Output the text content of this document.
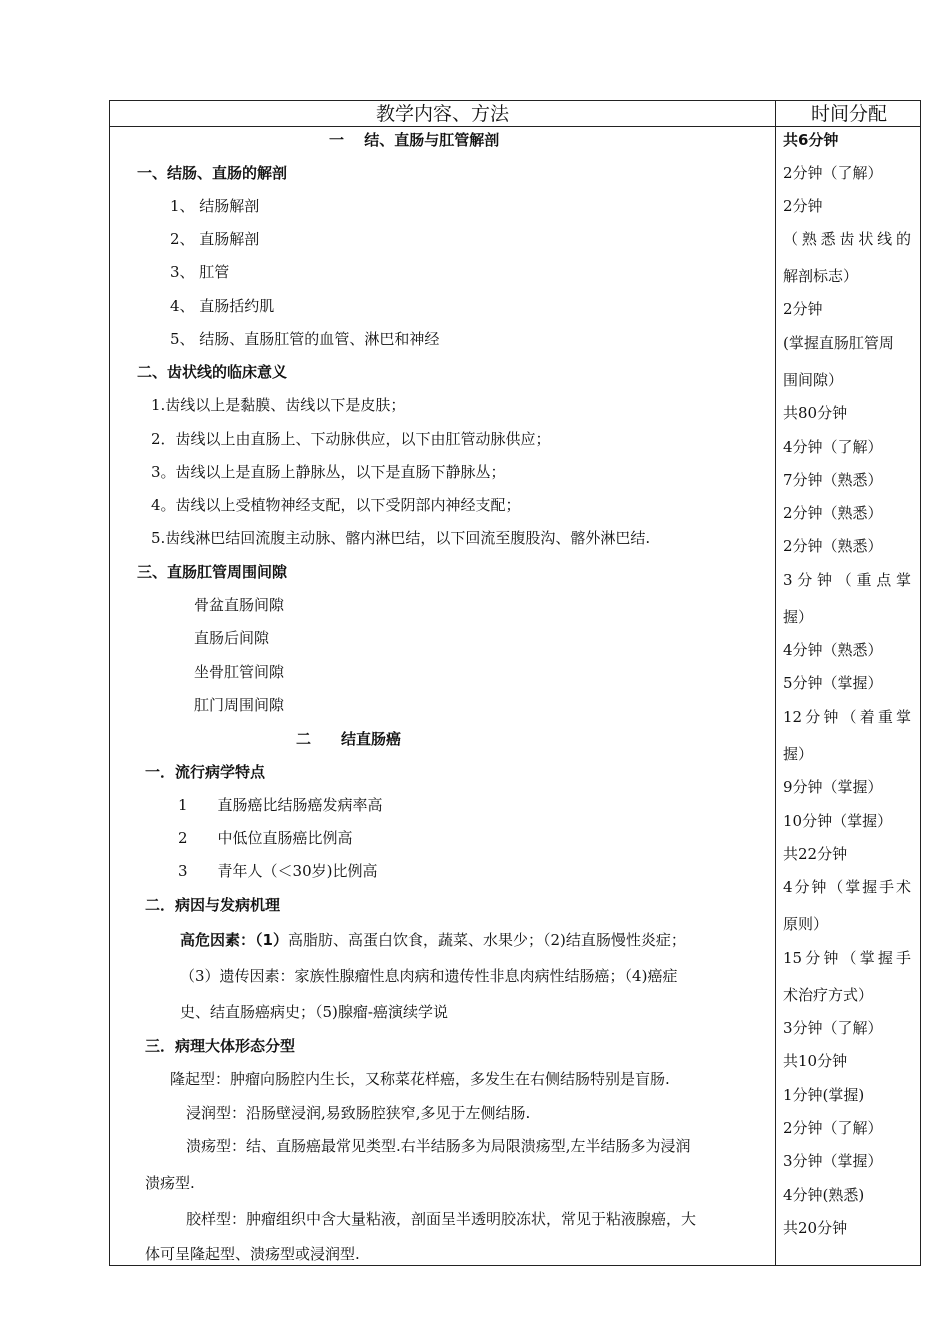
教学内容、方法	时间分配
一　 结、直肠与肛管解剖
一、结肠、直肠的解剖
1、 结肠解剖
2、 直肠解剖
3、 肛管
4、 直肠括约肌
5、 结肠、直肠肛管的血管、淋巴和神经
二、齿状线的临床意义
1.齿线以上是黏膜、齿线以下是皮肤；
2．齿线以上由直肠上、下动脉供应，以下由肛管动脉供应；
3。齿线以上是直肠上静脉丛，以下是直肠下静脉丛；
4。齿线以上受植物神经支配，以下受阴部内神经支配；
5.齿线淋巴结回流腹主动脉、髂内淋巴结，以下回流至腹股沟、髂外淋巴结.
三、直肠肛管周围间隙
骨盆直肠间隙
直肠后间隙
坐骨肛管间隙
肛门周围间隙
二　　结直肠癌
一．流行病学特点
1　　直肠癌比结肠癌发病率高
2　　中低位直肠癌比例高
3　　青年人（＜30岁)比例高
二．病因与发病机理
高危因素：（1）高脂肪、高蛋白饮食，蔬菜、水果少；（2)结直肠慢性炎症；
（3）遗传因素：家族性腺瘤性息肉病和遗传性非息肉病性结肠癌；（4)癌症
史、结直肠癌病史；（5)腺瘤-癌演续学说
三．病理大体形态分型
隆起型：肿瘤向肠腔内生长，又称菜花样癌，多发生在右侧结肠特别是盲肠.
浸润型：沿肠壁浸润,易致肠腔狭窄,多见于左侧结肠.
溃疡型：结、直肠癌最常见类型.右半结肠多为局限溃疡型,左半结肠多为浸润
溃疡型.
胶样型：肿瘤组织中含大量粘液，剖面呈半透明胶冻状，常见于粘液腺癌，大
体可呈隆起型、溃疡型或浸润型.
共6分钟
2分钟（了解）
2分钟
（熟悉齿状线的
解剖标志）
2分钟
(掌握直肠肛管周
围间隙）
共80分钟
4分钟（了解）
7分钟（熟悉）
2分钟（熟悉）
2分钟（熟悉）
3分钟（重点掌
握）
4分钟（熟悉）
5分钟（掌握）
12分钟（着重掌
握）
9分钟（掌握）
10分钟（掌握）
共22分钟
4分钟（掌握手术
原则）
15分钟（掌握手
术治疗方式）
3分钟（了解）
共10分钟
1分钟(掌握)
2分钟（了解）
3分钟（掌握）
4分钟(熟悉)
共20分钟
